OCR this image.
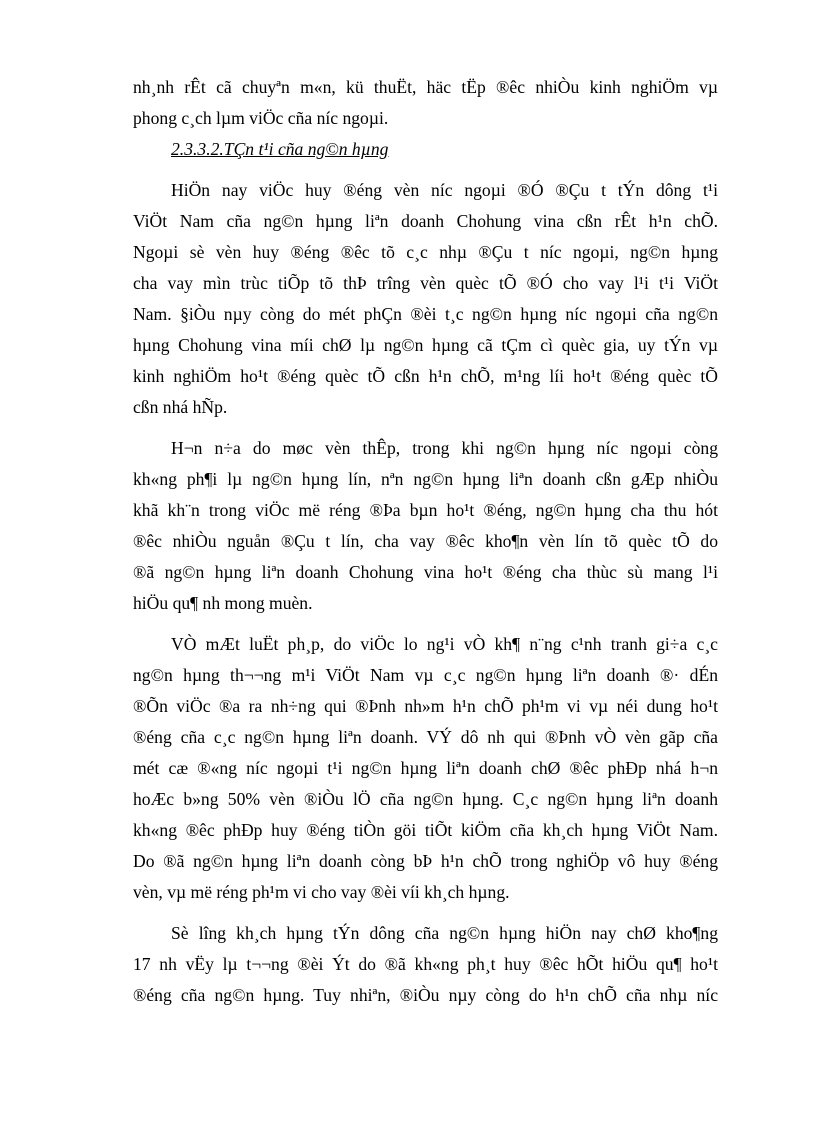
nh¸nh rÊt cã chuyªn m«n, kü thuËt, häc tËp ®êc nhiÒu kinh nghiÖm vµ
phong c¸ch lµm viÖc cña níc ngoµi.

2.3.3.2.TÇn t¹i cña ng©n hµng

HiÖn nay viÖc huy ®éng vèn níc ngoµi ®Ó ®Çu t tÝn dông t¹i
ViÖt Nam cña ng©n hµng liªn doanh Chohung vina cßn rÊt h¹n chÕ.
Ngoµi sè vèn huy ®éng ®êc tõ c¸c nhµ ®Çu t níc ngoµi, ng©n hµng
cha vay mìn trùc tiÕp tõ thÞ trîng vèn quèc tÕ ®Ó cho vay l¹i t¹i ViÖt
Nam. §iÒu nµy còng do mét phÇn ®èi t¸c ng©n hµng níc ngoµi cña ng©n
hµng Chohung vina míi chØ lµ ng©n hµng cã tÇm cì quèc gia, uy tÝn vµ
kinh nghiÖm ho¹t ®éng quèc tÕ cßn h¹n chÕ, m¹ng líi ho¹t ®éng quèc tÕ
cßn nhá hÑp.

H¬n n÷a do møc vèn thÊp, trong khi ng©n hµng níc ngoµi còng
kh«ng ph¶i lµ ng©n hµng lín, nªn ng©n hµng liªn doanh cßn gÆp nhiÒu
khã kh¨n trong viÖc më réng ®Þa bµn ho¹t ®éng, ng©n hµng cha thu hót
®êc nhiÒu nguån ®Çu t lín, cha vay ®êc kho¶n vèn lín tõ quèc tÕ do
®ã ng©n hµng liªn doanh Chohung vina ho¹t ®éng cha thùc sù mang l¹i
hiÖu qu¶ nh mong muèn.

VÒ mÆt luËt ph¸p, do viÖc lo ng¹i vÒ kh¶ n¨ng c¹nh tranh gi÷a c¸c
ng©n hµng th¬¬ng m¹i ViÖt Nam vµ c¸c ng©n hµng liªn doanh ®· dÉn
®Õn viÖc ®a ra nh÷ng qui ®Þnh nh»m h¹n chÕ ph¹m vi vµ néi dung ho¹t
®éng cña c¸c ng©n hµng liªn doanh. VÝ dô nh qui ®Þnh vÒ vèn gãp cña
mét cæ ®«ng níc ngoµi t¹i ng©n hµng liªn doanh chØ ®êc phÐp nhá h¬n
hoÆc b»ng 50% vèn ®iÒu lÖ cña ng©n hµng. C¸c ng©n hµng liªn doanh
kh«ng ®êc phÐp huy ®éng tiÒn göi tiÕt kiÖm cña kh¸ch hµng ViÖt Nam.
Do ®ã ng©n hµng liªn doanh còng bÞ h¹n chÕ trong nghiÖp vô huy ®éng
vèn, vµ më réng ph¹m vi cho vay ®èi víi kh¸ch hµng.

Sè lîng kh¸ch hµng tÝn dông cña ng©n hµng hiÖn nay chØ kho¶ng
17 nh vËy lµ t¬¬ng ®èi Ýt do ®ã kh«ng ph¸t huy ®êc hÕt hiÖu qu¶ ho¹t
®éng cña ng©n hµng. Tuy nhiªn, ®iÒu nµy còng do h¹n chÕ cña nhµ níc
